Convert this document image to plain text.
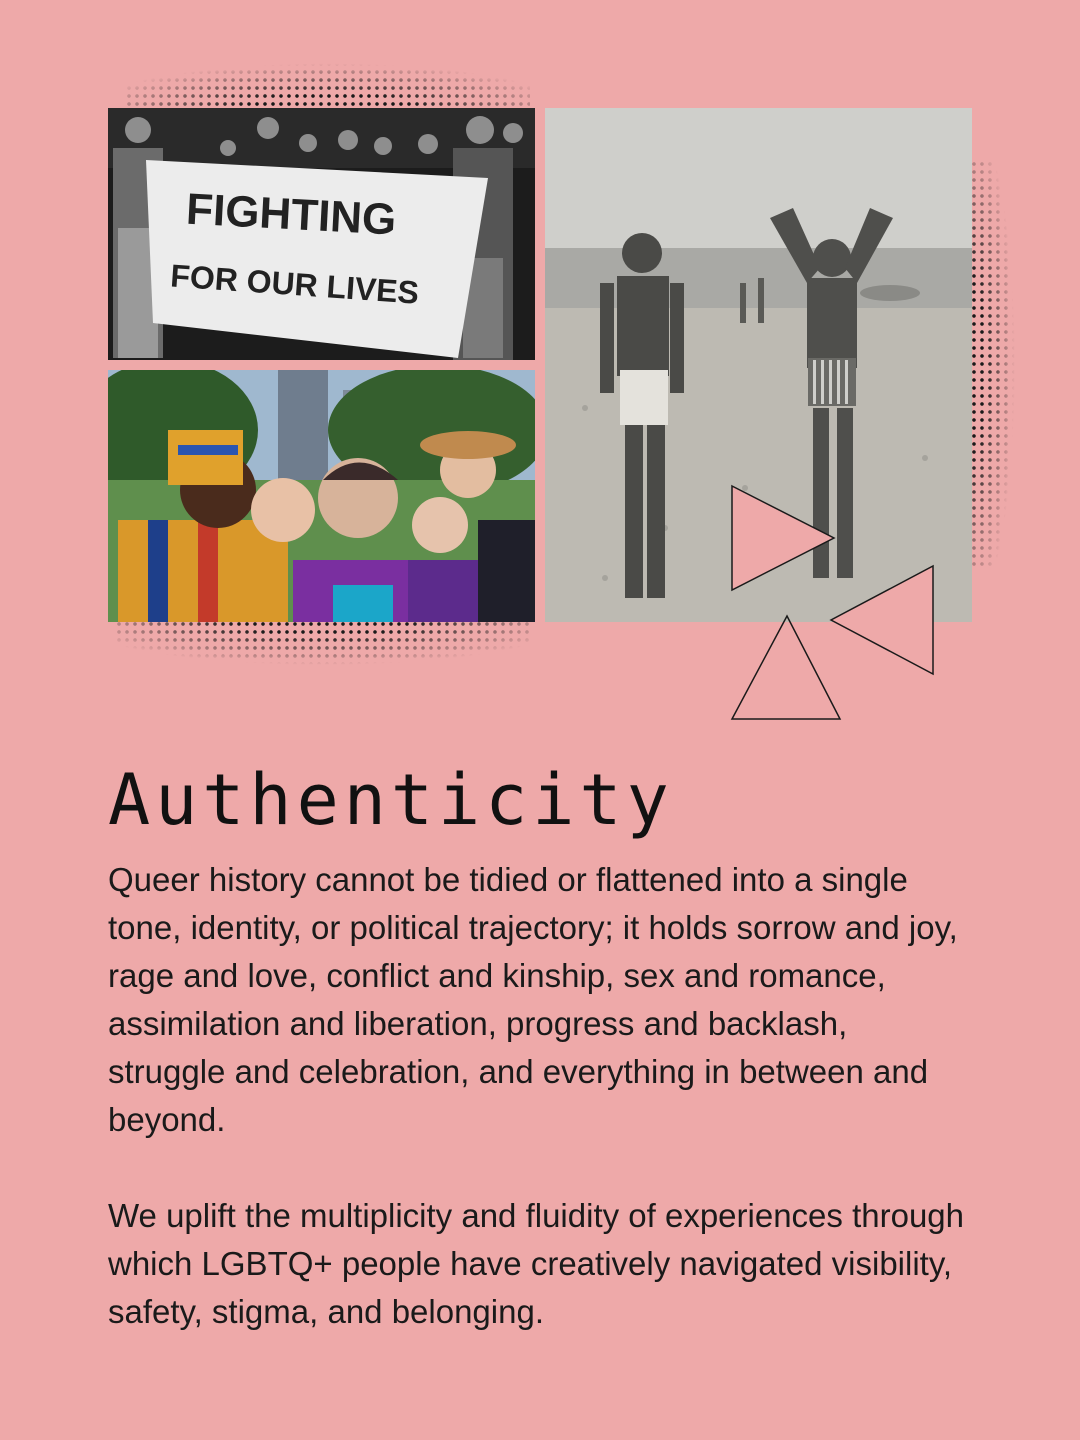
FIGHTING
FOR OUR LIVES
Authenticity

Queer history cannot be tidied or flattened into a single tone, identity, or political trajectory; it holds sorrow and joy, rage and love, conflict and kinship, sex and romance, assimilation and liberation, progress and backlash, struggle and celebration, and everything in between and beyond.

We uplift the multiplicity and fluidity of experiences through which LGBTQ+ people have creatively navigated visibility, safety, stigma, and belonging.
